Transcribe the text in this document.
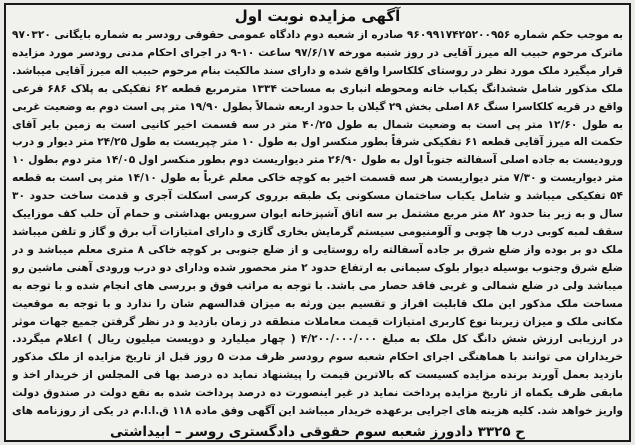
آگهی مزایده نوبت اول

به موجب حکم شماره ۹۶۰۹۹۱۷۴۲۵۲۰۰۹۵۶ صادره از شعبه دوم دادگاه عمومی حقوقی رودسر به شماره بایگانی ۹۷۰۳۲۰ ماترک مرحوم حبیب اله میرز آقایی در روز شنبه مورخه ۹۷/۶/۱۷ ساعت ۱۰-۹ در اجرای احکام مدنی رودسر مورد مزایده قرار میگیرد ملک مورد نظر در روستای کلکاسرا واقع شده و دارای سند مالکیت بنام مرحوم حبیب اله میرز آقایی میباشد. ملک مذکور شامل ششدانگ یکباب خانه ومحوطه انباری به مساحت ۱۳۳۴ مترمربع قطعه ۶۲ تفکیکی به پلاک ۶۸۶ فرعی واقع در قریه کلکاسرا سنگ ۸۶ اصلی بخش ۲۹ گیلان با حدود اربعه شمالاً بطول ۱۹/۹۰ متر پی است دوم به وضعیت غربی به طول ۱۲/۶۰ متر پی است به وضعیت شمال به طول ۴۰/۲۵ متر در سه قسمت اخیر کانیی است به زمین بایر آقای حکمت اله میرز آقایی قطعه ۶۱ تفکیکی شرقاً بطور منکسر اول به طول ۱۰ متر چپریست به طول ۲۴/۲۵ متر دیوار و درب ورودیست به جاده اصلی آسفالته جنوباً اول به طول ۲۶/۹۰ متر دیواریست دوم بطور منکسر اول ۱۴/۰۵ متر دوم بطول ۱۰ متر دیواریست و ۷/۳۰ متر دیواریست هر سه قسمت اخیر به کوچه خاکی معلم غرباً به طول ۱۴/۱۰ متر پی است به قطعه ۵۴ تفکیکی میباشد و شامل یکباب ساختمان مسکونی یک طبقه برروی کرسی اسکلت آجری و قدمت ساخت حدود ۳۰ سال و به زیر بنا حدود ۸۲ متر مربع مشتمل بر سه اتاق آشپزخانه ایوان سرویس بهداشتی و حمام آن حلب کف موزاییک سقف لمبه کوبی درب ها چوبی و آلومنیومی سیستم گرمایش بخاری گازی و دارای امتیازات آب برق و گاز و تلفن میباشد ملک دو بر بوده واز ضلع شرق بر جاده آسفالته راه روستایی و از ضلع جنوبی بر کوچه خاکی ۸ متری معلم میباشد و در ضلع شرق وجنوب بوسیله دیوار بلوک سیمانی به ارتفاع حدود ۲ متر محصور شده ودارای دو درب ورودی آهنی ماشین رو میباشد ولی در ضلع شمالی و غربی فاقد حصار می باشد. با توجه به مراتب فوق و بررسی های انجام شده و با توجه به مساحت ملک مذکور این ملک قابلیت افراز و تقسیم بین ورثه به میزان قدالسهم شان را ندارد و با توجه به موقعیت مکانی ملک و میزان زیربنا نوع کاربری امتیازات قیمت معاملات منطقه در زمان بازدید و در نظر گرفتن جمیع جهات موثر در ارزیابی ارزش شش دانگ کل ملک به مبلغ ۴/۲۰۰/۰۰۰/۰۰۰ ( چهار میلیارد و دویست میلیون ریال ) اعلام میگردد. خریداران می توانند با هماهنگی اجرای احکام شعبه سوم رودسر ظرف مدت ۵ روز قبل از تاریخ مزایده از ملک مذکور بازدید بعمل آورند برنده مزایده کسیست که بالاترین قیمت را پیشنهاد نماید ده درصد بها فی المجلس از خریدار اخذ و مابقی ظرف یکماه از تاریخ مزایده پرداخت نماید در غیر اینصورت ده درصد پرداخت شده به نفع دولت در صندوق دولت واریز خواهد شد. کلیه هزینه های اجرایی برعهده خریدار میباشد این آگهی وفق ماده ۱۱۸ ق.ا.ا.م در یکی از روزنامه های

ح ۳۳۲۵ دادورز شعبه سوم حقوقی دادگستری روسر – ابیداشتی
